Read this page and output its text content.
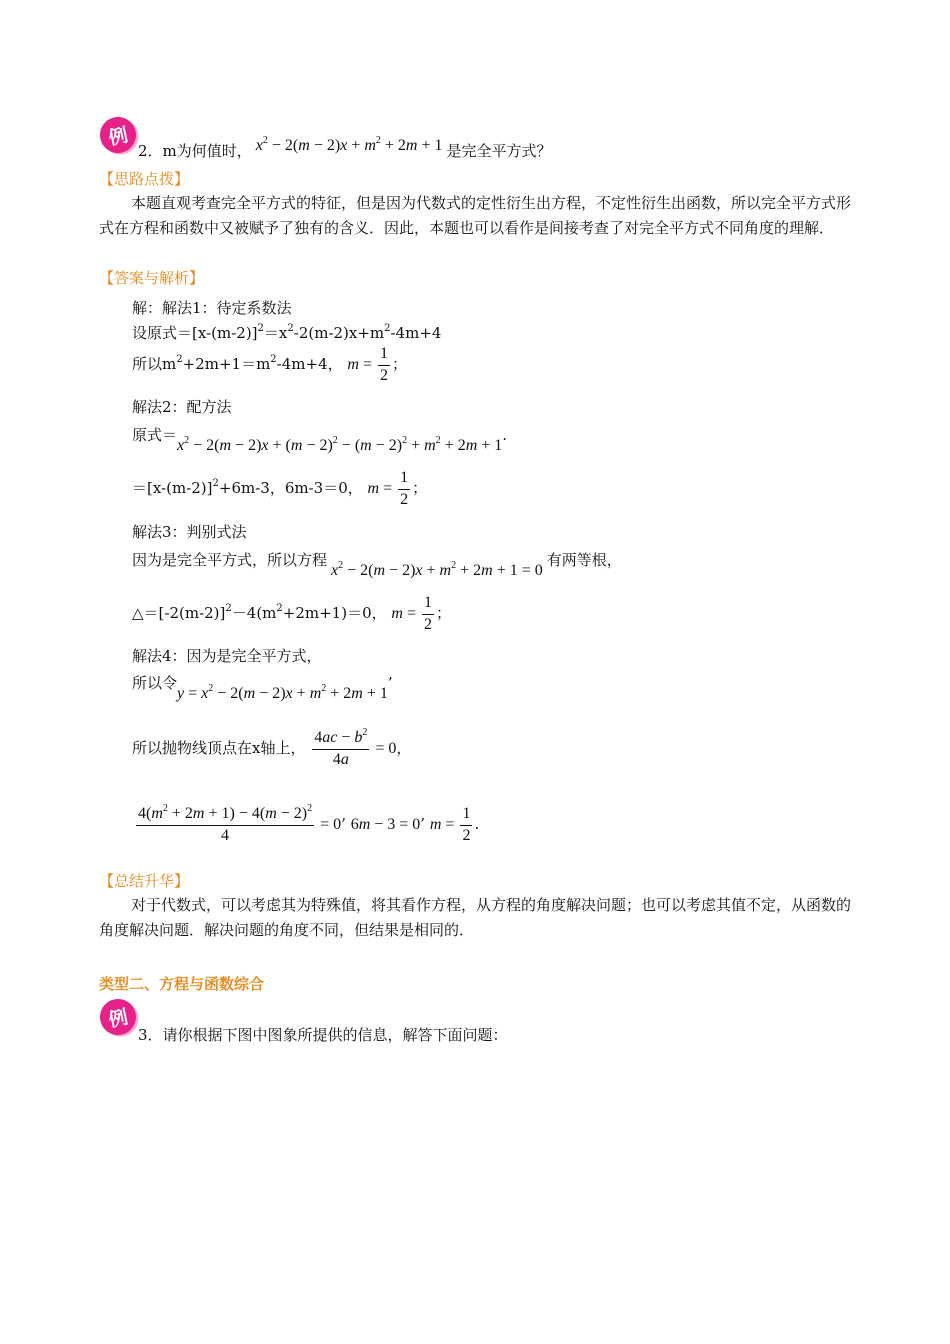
例
2．m为何值时， $x^2 - 2(m - 2)x + m^2 + 2m + 1$ 是完全平方式？
【思路点拨】
本题直观考查完全平方式的特征，但是因为代数式的定性衍生出方程，不定性衍生出函数，所以完全平方式形式在方程和函数中又被赋予了独有的含义．因此，本题也可以看作是间接考查了对完全平方式不同角度的理解．
【答案与解析】
解：解法1：待定系数法
设原式$=[x-(m-2)]^2=x^2-2(m-2)x+m^2-4m+4$
所以$m^2+2m+1=m^2-4m+4$， $m = \frac{1}{2}$ ；
解法2：配方法
原式$=x^2 - 2(m - 2)x + (m - 2)^2 - (m - 2)^2 + m^2 + 2m + 1$.
$=[x-(m-2)]^2+6m-3$，6m-3＝0， $m = \frac{1}{2}$ ；
解法3：判别式法
因为是完全平方式，所以方程$x^2 - 2(m - 2)x + m^2 + 2m + 1 = 0$有两等根，
$\triangle=[-2(m-2)]^2-4(m^2+2m+1)=0$， $m = \frac{1}{2}$ ；
解法4：因为是完全平方式，
所以令$y = x^2 - 2(m - 2)x + m^2 + 2m + 1$’
所以抛物线顶点在x轴上， $\frac{4ac - b^2}{4a} = 0$，
$\frac{4(m^2 + 2m + 1) - 4(m - 2)^2}{4} = 0$’ 6m − 3 = 0’ $m = \frac{1}{2}$ .
【总结升华】
对于代数式，可以考虑其为特殊值，将其看作方程，从方程的角度解决问题；也可以考虑其值不定，从函数的角度解决问题．解决问题的角度不同，但结果是相同的．
类型二、方程与函数综合
例
3．请你根据下图中图象所提供的信息，解答下面问题：
